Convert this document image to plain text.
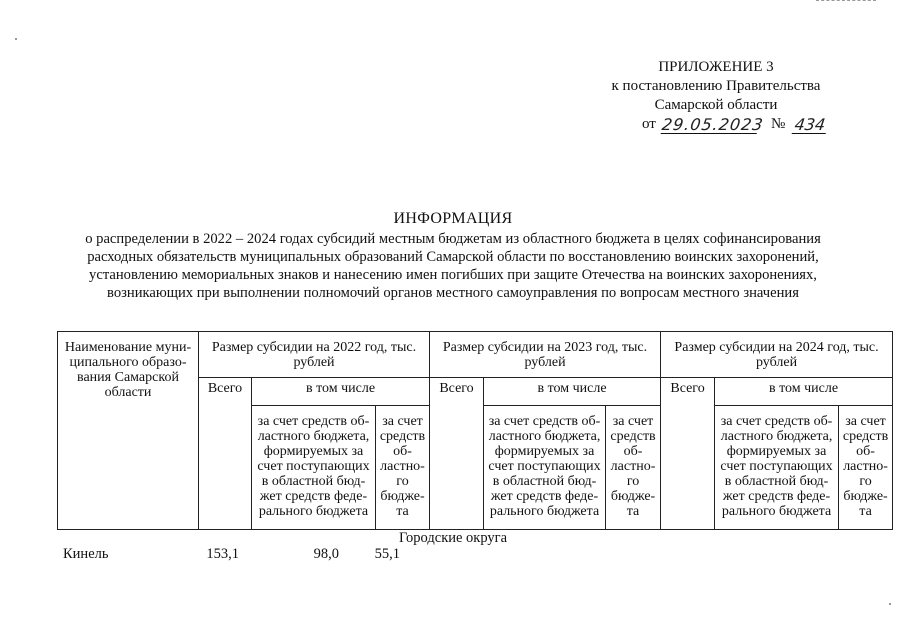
ПРИЛОЖЕНИЕ 3
к постановлению Правительства
Самарской области
от 29.05.2023 № 434
ИНФОРМАЦИЯ
о распределении в 2022 – 2024 годах субсидий местным бюджетам из областного бюджета в целях софинансирования
расходных обязательств муниципальных образований Самарской области по восстановлению воинских захоронений,
установлению мемориальных знаков и нанесению имен погибших при защите Отечества на воинских захоронениях,
возникающих при выполнении полномочий органов местного самоуправления по вопросам местного значения
Наименование муни-ципального образо-вания Самарской области	Размер субсидии на 2022 год, тыс. рублей			Размер субсидии на 2023 год, тыс. рублей			Размер субсидии на 2024 год, тыс. рублей		
	Всего	в том числе		Всего	в том числе		Всего	в том числе	
		за счет средств об-ластного бюджета, формируемых за счет поступающих в областной бюд-жет средств феде-рального бюджета	за счет средств об-ластно-го бюдже-та		за счет средств об-ластного бюджета, формируемых за счет поступающих в областной бюд-жет средств феде-рального бюджета	за счет средств об-ластно-го бюдже-та		за счет средств об-ластного бюджета, формируемых за счет поступающих в областной бюд-жет средств феде-рального бюджета	за счет средств об-ластно-го бюдже-та
Городские округа
Кинель	153,1	98,0	55,1
